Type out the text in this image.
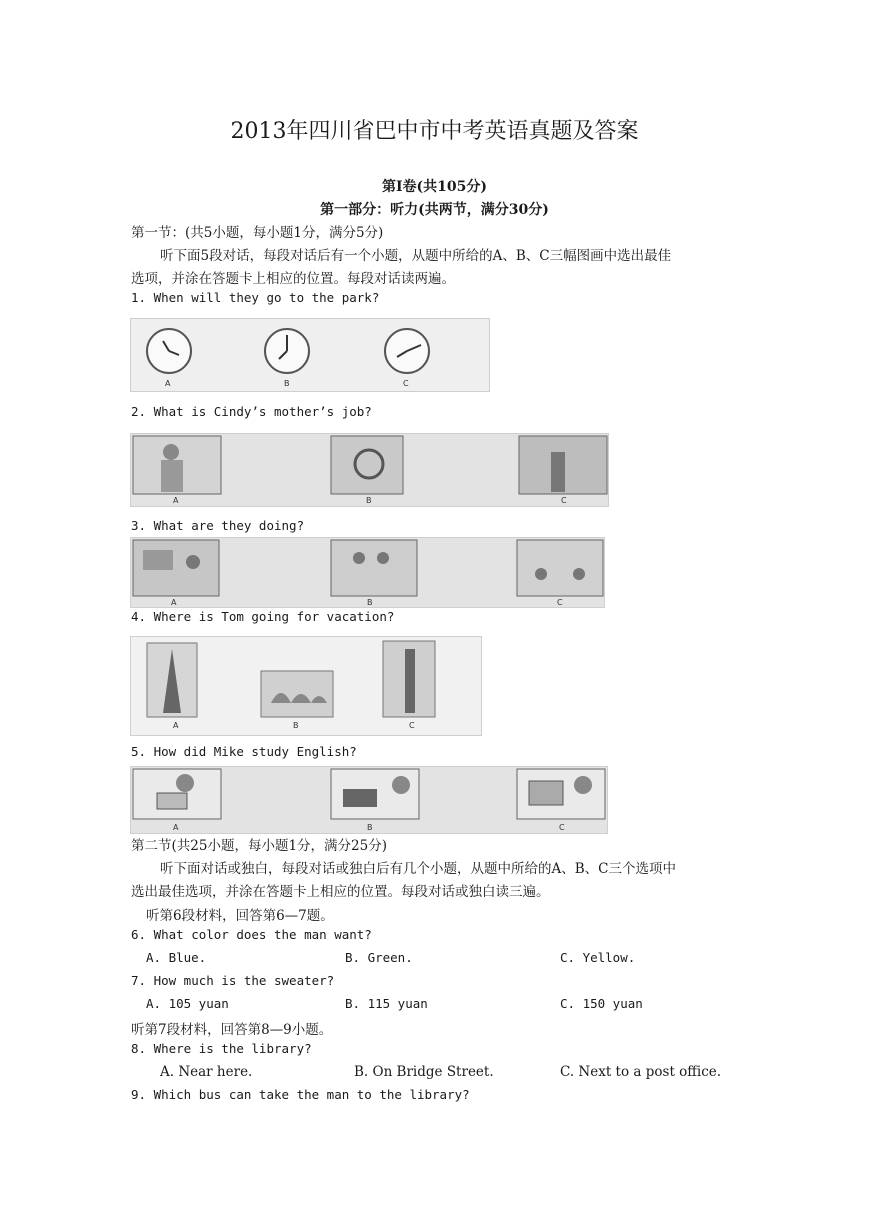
2013年四川省巴中市中考英语真题及答案
第Ⅰ卷(共105分)
第一部分：听力(共两节，满分30分)
第一节：(共5小题，每小题1分，满分5分)
听下面5段对话，每段对话后有一个小题，从题中所给的A、B、C三幅图画中选出最佳
选项，并涂在答题卡上相应的位置。每段对话读两遍。
1. When will they go to the park?
A	B	C
2. What is Cindy’s mother’s job?
A	B	C
3. What are they doing?
A	B	C
4. Where is Tom going for vacation?
A	B	C
5. How did Mike study English?
A	B	C
第二节(共25小题，每小题1分，满分25分)
听下面对话或独白，每段对话或独白后有几个小题，从题中所给的A、B、C三个选项中
选出最佳选项，并涂在答题卡上相应的位置。每段对话或独白读三遍。
听第6段材料，回答第6—7题。
6. What color does the man want?
A. Blue.	B. Green.	C. Yellow.
7. How much is the sweater?
A. 105 yuan	B. 115 yuan	C. 150 yuan
听第7段材料，回答第8—9小题。
8. Where is the library?
A. Near here.	B. On Bridge Street.	C. Next to a post office.
9. Which bus can take the man to the library?
